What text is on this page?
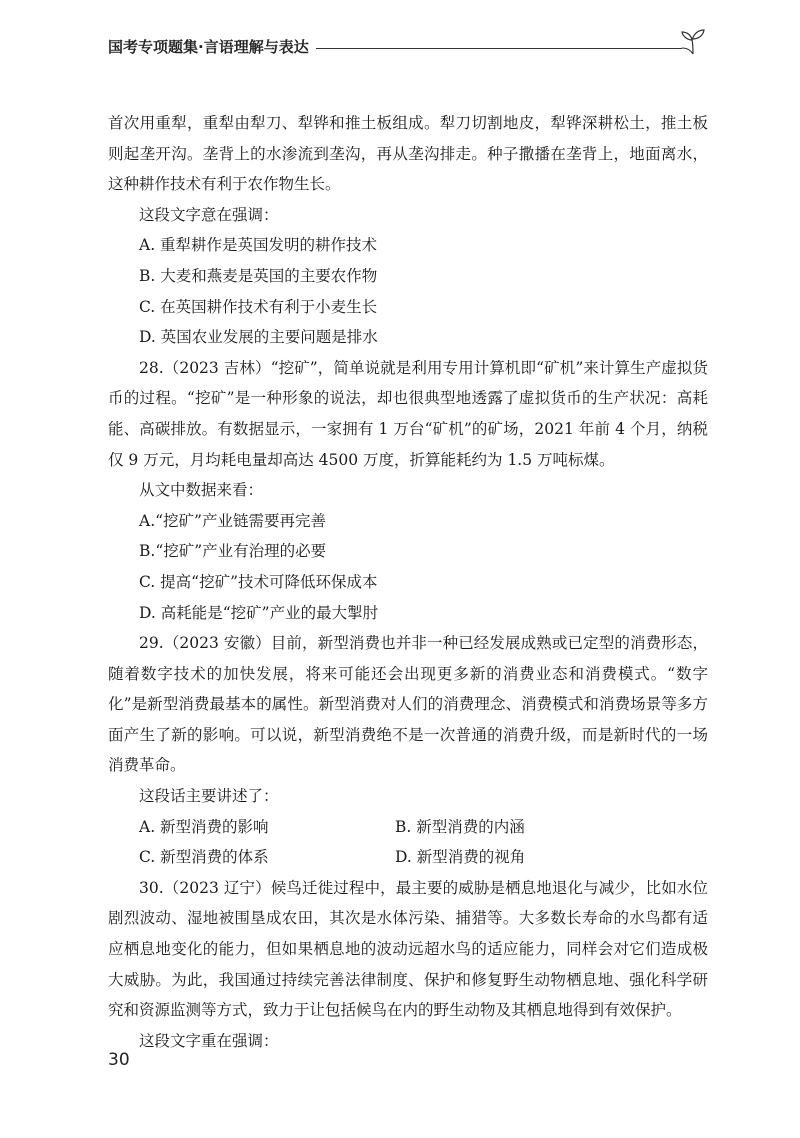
国考专项题集·言语理解与表达

首次用重犁，重犁由犁刀、犁铧和推土板组成。犁刀切割地皮，犁铧深耕松土，推土板则起垄开沟。垄背上的水渗流到垄沟，再从垄沟排走。种子撒播在垄背上，地面离水，这种耕作技术有利于农作物生长。

这段文字意在强调：

A. 重犁耕作是英国发明的耕作技术

B. 大麦和燕麦是英国的主要农作物

C. 在英国耕作技术有利于小麦生长

D. 英国农业发展的主要问题是排水

28.（2023 吉林）“挖矿”，简单说就是利用专用计算机即“矿机”来计算生产虚拟货币的过程。“挖矿”是一种形象的说法，却也很典型地透露了虚拟货币的生产状况：高耗能、高碳排放。有数据显示，一家拥有 1 万台“矿机”的矿场，2021 年前 4 个月，纳税仅 9 万元，月均耗电量却高达 4500 万度，折算能耗约为 1.5 万吨标煤。

从文中数据来看：

A.“挖矿”产业链需要再完善

B.“挖矿”产业有治理的必要

C. 提高“挖矿”技术可降低环保成本

D. 高耗能是“挖矿”产业的最大掣肘

29.（2023 安徽）目前，新型消费也并非一种已经发展成熟或已定型的消费形态，随着数字技术的加快发展，将来可能还会出现更多新的消费业态和消费模式。“数字化”是新型消费最基本的属性。新型消费对人们的消费理念、消费模式和消费场景等多方面产生了新的影响。可以说，新型消费绝不是一次普通的消费升级，而是新时代的一场消费革命。

这段话主要讲述了：

A. 新型消费的影响	B. 新型消费的内涵
C. 新型消费的体系	D. 新型消费的视角

30.（2023 辽宁）候鸟迁徙过程中，最主要的威胁是栖息地退化与减少，比如水位剧烈波动、湿地被围垦成农田，其次是水体污染、捕猎等。大多数长寿命的水鸟都有适应栖息地变化的能力，但如果栖息地的波动远超水鸟的适应能力，同样会对它们造成极大威胁。为此，我国通过持续完善法律制度、保护和修复野生动物栖息地、强化科学研究和资源监测等方式，致力于让包括候鸟在内的野生动物及其栖息地得到有效保护。

这段文字重在强调：

30
